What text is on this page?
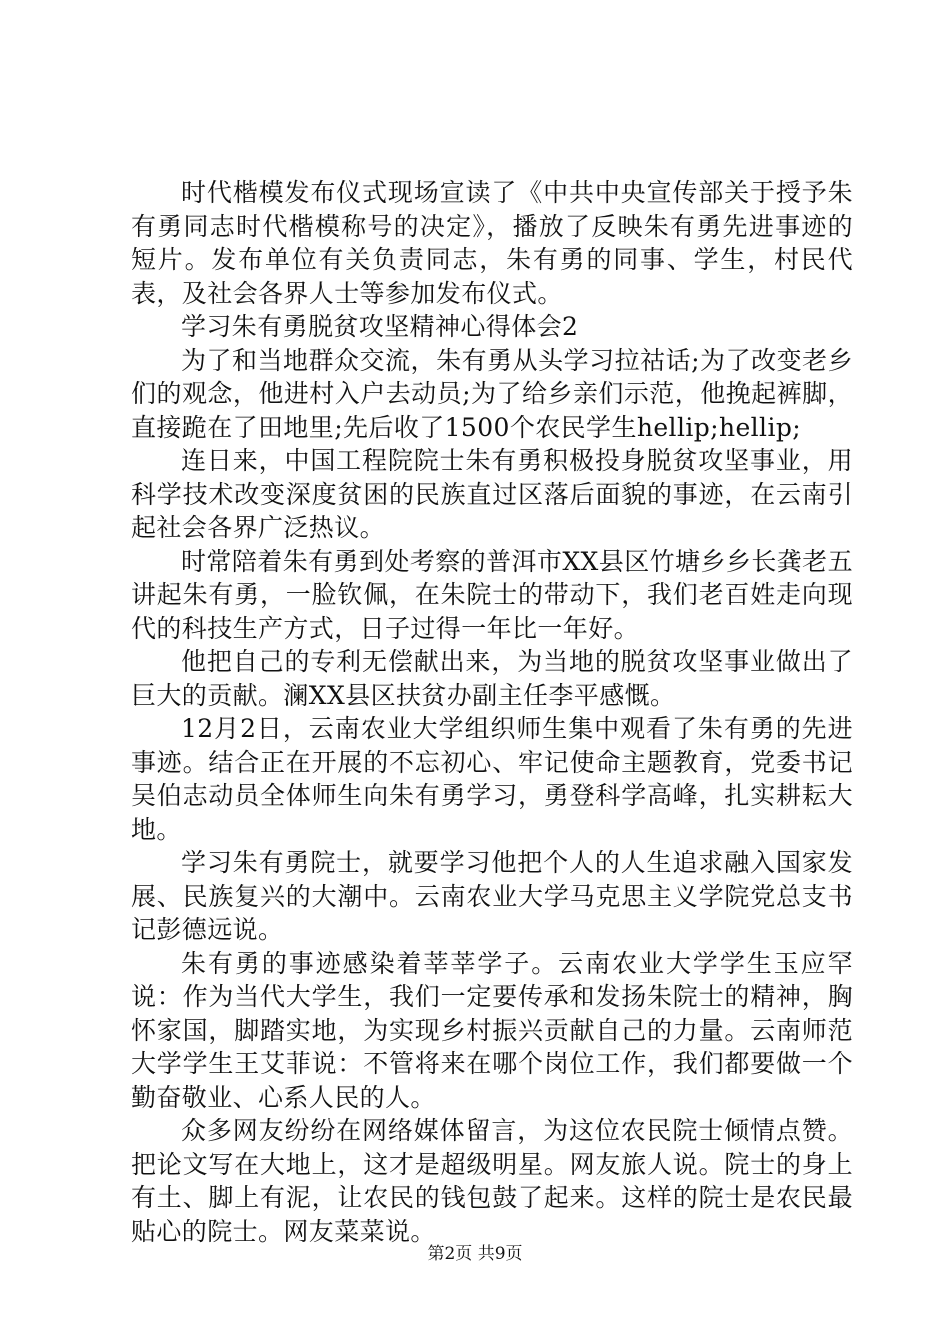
时代楷模发布仪式现场宣读了《中共中央宣传部关于授予朱有勇同志时代楷模称号的决定》，播放了反映朱有勇先进事迹的短片。发布单位有关负责同志，朱有勇的同事、学生，村民代表，及社会各界人士等参加发布仪式。

学习朱有勇脱贫攻坚精神心得体会2

为了和当地群众交流，朱有勇从头学习拉祜话;为了改变老乡们的观念，他进村入户去动员;为了给乡亲们示范，他挽起裤脚，直接跪在了田地里;先后收了1500个农民学生hellip;hellip;

连日来，中国工程院院士朱有勇积极投身脱贫攻坚事业，用科学技术改变深度贫困的民族直过区落后面貌的事迹，在云南引起社会各界广泛热议。

时常陪着朱有勇到处考察的普洱市XX县区竹塘乡乡长龚老五讲起朱有勇，一脸钦佩，在朱院士的带动下，我们老百姓走向现代的科技生产方式，日子过得一年比一年好。

他把自己的专利无偿献出来，为当地的脱贫攻坚事业做出了巨大的贡献。澜XX县区扶贫办副主任李平感慨。

12月2日，云南农业大学组织师生集中观看了朱有勇的先进事迹。结合正在开展的不忘初心、牢记使命主题教育，党委书记吴伯志动员全体师生向朱有勇学习，勇登科学高峰，扎实耕耘大地。

学习朱有勇院士，就要学习他把个人的人生追求融入国家发展、民族复兴的大潮中。云南农业大学马克思主义学院党总支书记彭德远说。

朱有勇的事迹感染着莘莘学子。云南农业大学学生玉应罕说：作为当代大学生，我们一定要传承和发扬朱院士的精神，胸怀家国，脚踏实地，为实现乡村振兴贡献自己的力量。云南师范大学学生王艾菲说：不管将来在哪个岗位工作，我们都要做一个勤奋敬业、心系人民的人。

众多网友纷纷在网络媒体留言，为这位农民院士倾情点赞。把论文写在大地上，这才是超级明星。网友旅人说。院士的身上有土、脚上有泥，让农民的钱包鼓了起来。这样的院士是农民最贴心的院士。网友菜菜说。

第2页 共9页
